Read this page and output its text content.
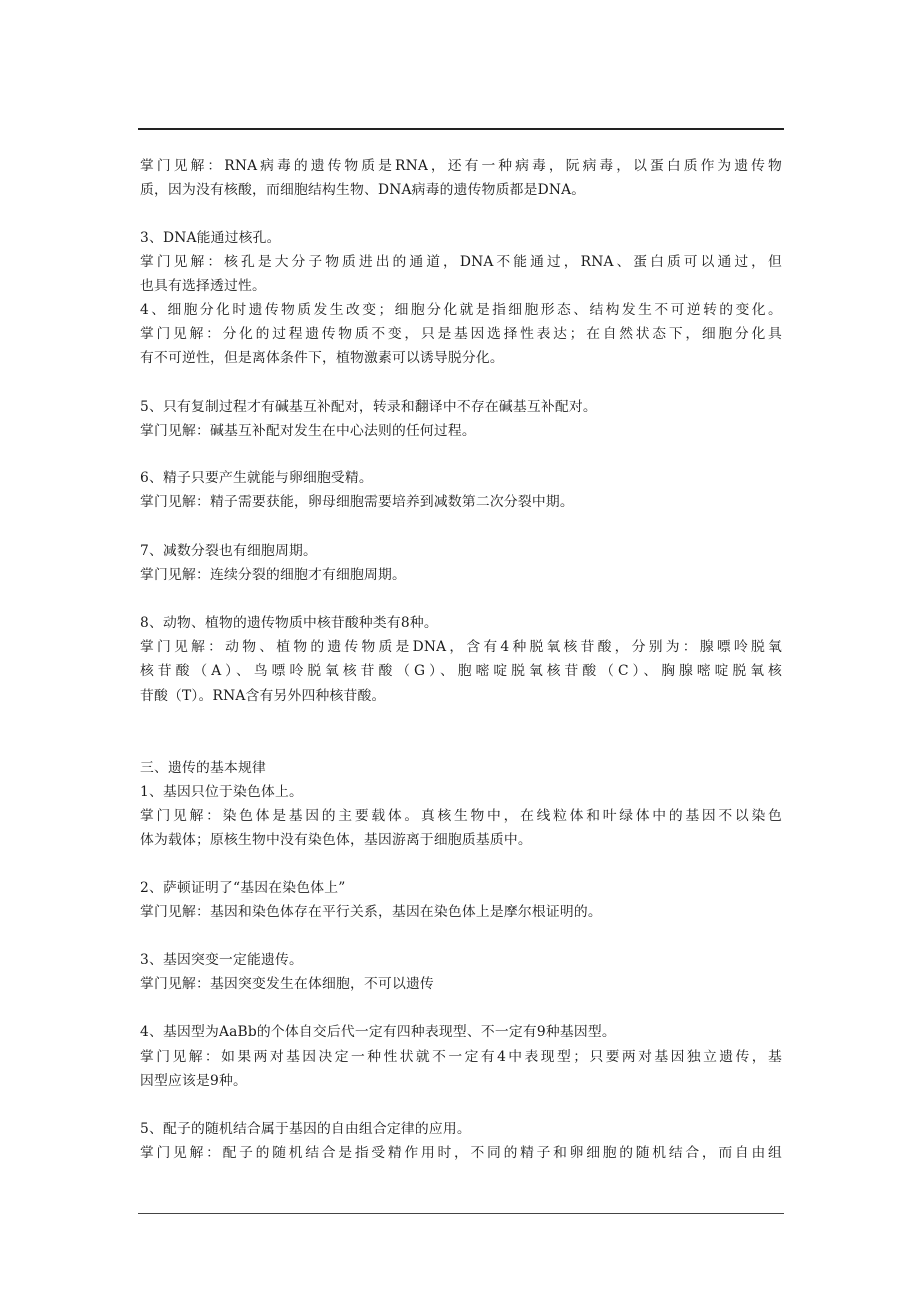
掌门见解：RNA病毒的遗传物质是RNA，还有一种病毒，阮病毒，以蛋白质作为遗传物
质，因为没有核酸，而细胞结构生物、DNA病毒的遗传物质都是DNA。
3、DNA能通过核孔。
掌门见解：核孔是大分子物质进出的通道，DNA不能通过，RNA、蛋白质可以通过，但
也具有选择透过性。
4、细胞分化时遗传物质发生改变；细胞分化就是指细胞形态、结构发生不可逆转的变化。
掌门见解：分化的过程遗传物质不变，只是基因选择性表达；在自然状态下，细胞分化具
有不可逆性，但是离体条件下，植物激素可以诱导脱分化。
5、只有复制过程才有碱基互补配对，转录和翻译中不存在碱基互补配对。
掌门见解：碱基互补配对发生在中心法则的任何过程。
6、精子只要产生就能与卵细胞受精。
掌门见解：精子需要获能，卵母细胞需要培养到减数第二次分裂中期。
7、减数分裂也有细胞周期。
掌门见解：连续分裂的细胞才有细胞周期。
8、动物、植物的遗传物质中核苷酸种类有8种。
掌门见解：动物、植物的遗传物质是DNA，含有4种脱氧核苷酸，分别为：腺嘌呤脱氧
核苷酸（A）、鸟嘌呤脱氧核苷酸（G）、胞嘧啶脱氧核苷酸（C）、胸腺嘧啶脱氧核
苷酸（T）。RNA含有另外四种核苷酸。
三、遗传的基本规律
1、基因只位于染色体上。
掌门见解：染色体是基因的主要载体。真核生物中，在线粒体和叶绿体中的基因不以染色
体为载体；原核生物中没有染色体，基因游离于细胞质基质中。
2、萨顿证明了“基因在染色体上”
掌门见解：基因和染色体存在平行关系，基因在染色体上是摩尔根证明的。
3、基因突变一定能遗传。
掌门见解：基因突变发生在体细胞，不可以遗传
4、基因型为AaBb的个体自交后代一定有四种表现型、不一定有9种基因型。
掌门见解：如果两对基因决定一种性状就不一定有4中表现型；只要两对基因独立遗传，基
因型应该是9种。
5、配子的随机结合属于基因的自由组合定律的应用。
掌门见解：配子的随机结合是指受精作用时，不同的精子和卵细胞的随机结合，而自由组
